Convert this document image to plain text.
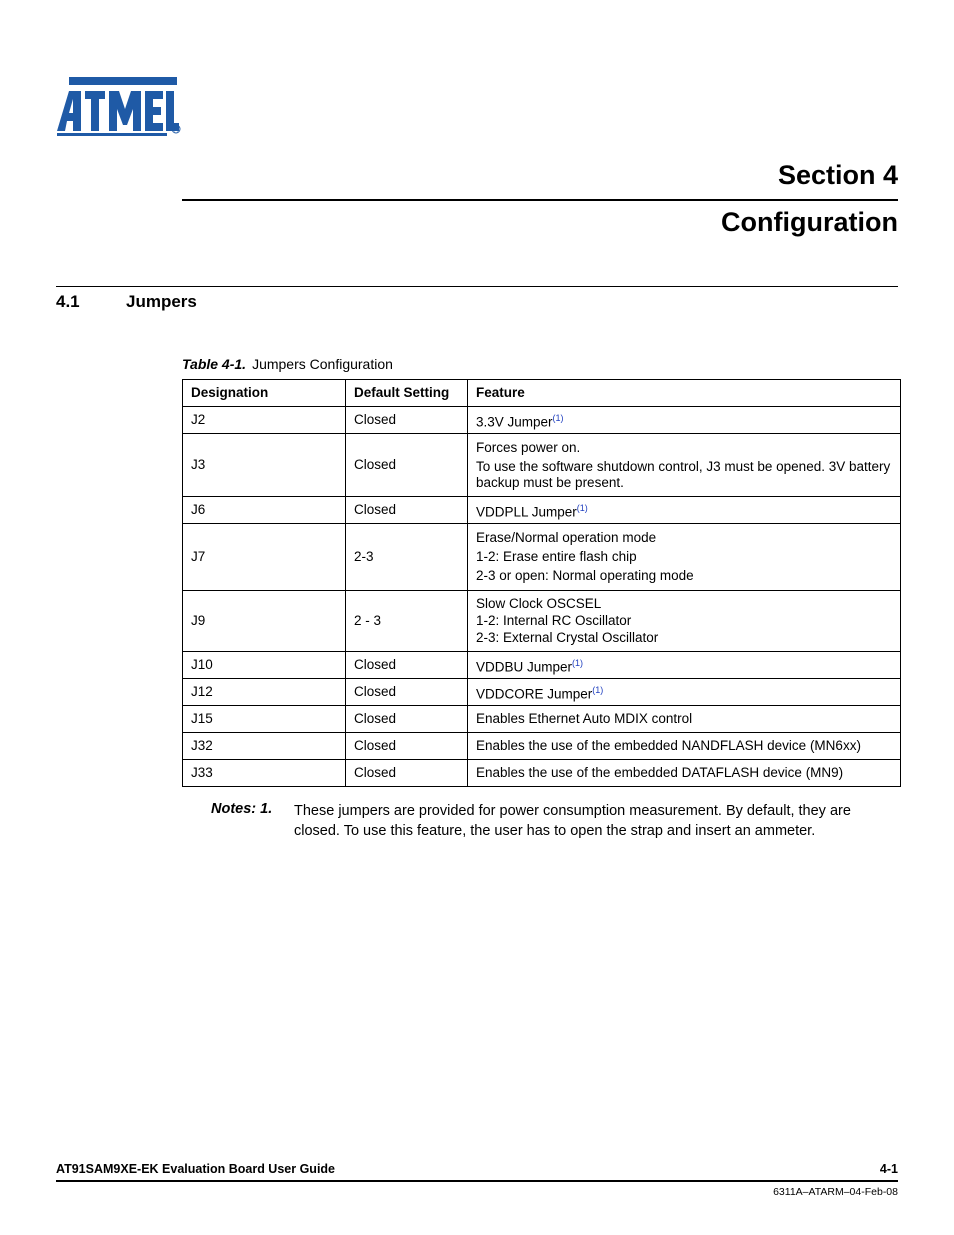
R
Section 4
Configuration
4.1	Jumpers
Table 4-1. Jumpers Configuration
Designation	Default Setting	Feature
J2	Closed	3.3V Jumper$^{(1)}$
J3	Closed	Forces power on.
To use the software shutdown control, J3 must be opened. 3V battery backup must be present.

J6	Closed	VDDPLL Jumper$^{(1)}$
J7	2-3	Erase/Normal operation mode
1-2: Erase entire flash chip
2-3 or open: Normal operating mode

J9	2 - 3	Slow Clock OSCSEL
1-2: Internal RC Oscillator
2-3: External Crystal Oscillator

J10	Closed	VDDBU Jumper$^{(1)}$
J12	Closed	VDDCORE Jumper$^{(1)}$
J15	Closed	Enables Ethernet Auto MDIX control
J32	Closed	Enables the use of the embedded NANDFLASH device (MN6xx)
J33	Closed	Enables the use of the embedded DATAFLASH device (MN9)
Notes: 1. These jumpers are provided for power consumption measurement. By default, they are closed. To use this feature, the user has to open the strap and insert an ammeter.
AT91SAM9XE-EK Evaluation Board User Guide	4-1
6311A–ATARM–04-Feb-08
